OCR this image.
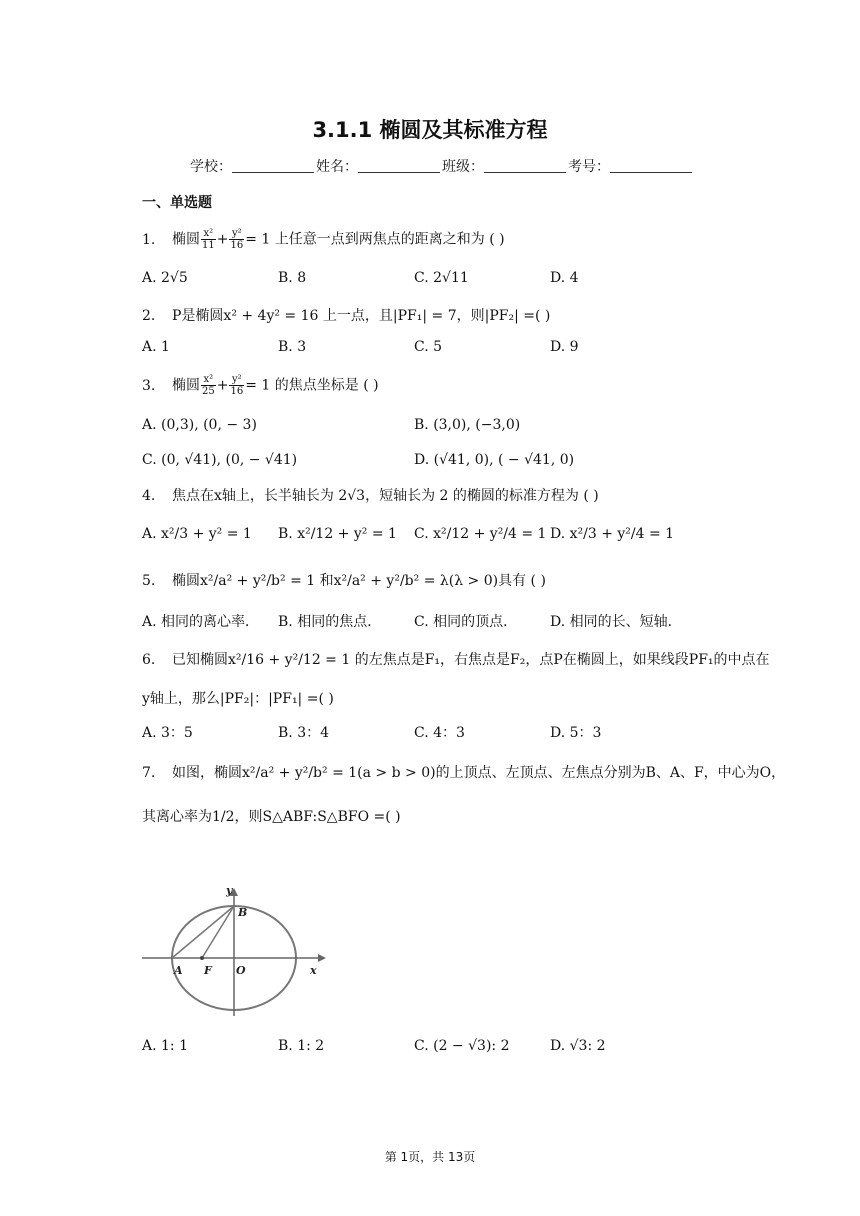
3.1.1 椭圆及其标准方程
学校：	姓名：	班级：	考号：
一、单选题
1. 椭圆 $\frac{\text{x²}}{11} + \frac{\text{y²}}{16} = 1$ 上任意一点到两焦点的距离之和为 ( )
A. 2√5	B. 8	C. 2√11	D. 4
2. P是椭圆x² + 4y² = 16 上一点，且|PF₁| = 7，则|PF₂| =( )
A. 1	B. 3	C. 5	D. 9
3. 椭圆 $\frac{\text{x²}}{25} + \frac{\text{y²}}{16} = 1$ 的焦点坐标是 ( )
A. (0,3), (0, − 3)	B. (3,0), (−3,0)
C. (0, √41), (0, − √41)	D. (√41, 0), ( − √41, 0)
4. 焦点在x轴上，长半轴长为 2√3，短轴长为 2 的椭圆的标准方程为 ( )
A. x²/3 + y² = 1 B. x²/12 + y² = 1 C. x²/12 + y²/4 = 1 D. x²/3 + y²/4 = 1
5. 椭圆x²/a² + y²/b² = 1 和x²/a² + y²/b² = λ(λ > 0)具有 ( )
A. 相同的离心率． B. 相同的焦点． C. 相同的顶点． D. 相同的长、短轴．
6. 已知椭圆x²/16 + y²/12 = 1 的左焦点是F₁，右焦点是F₂，点P在椭圆上，如果线段PF₁的中点在
y轴上，那么|PF₂|：|PF₁| =( )
A. 3：5	B. 3：4	C. 4：3	D. 5：3
7. 如图，椭圆x²/a² + y²/b² = 1(a > b > 0)的上顶点、左顶点、左焦点分别为B、A、F，中心为O，
其离心率为1/2，则S△ABF:S△BFO =( )
y
x
B
A F O
A. 1: 1	B. 1: 2	C. (2 − √3): 2	D. √3: 2
第 1页，共 13页
